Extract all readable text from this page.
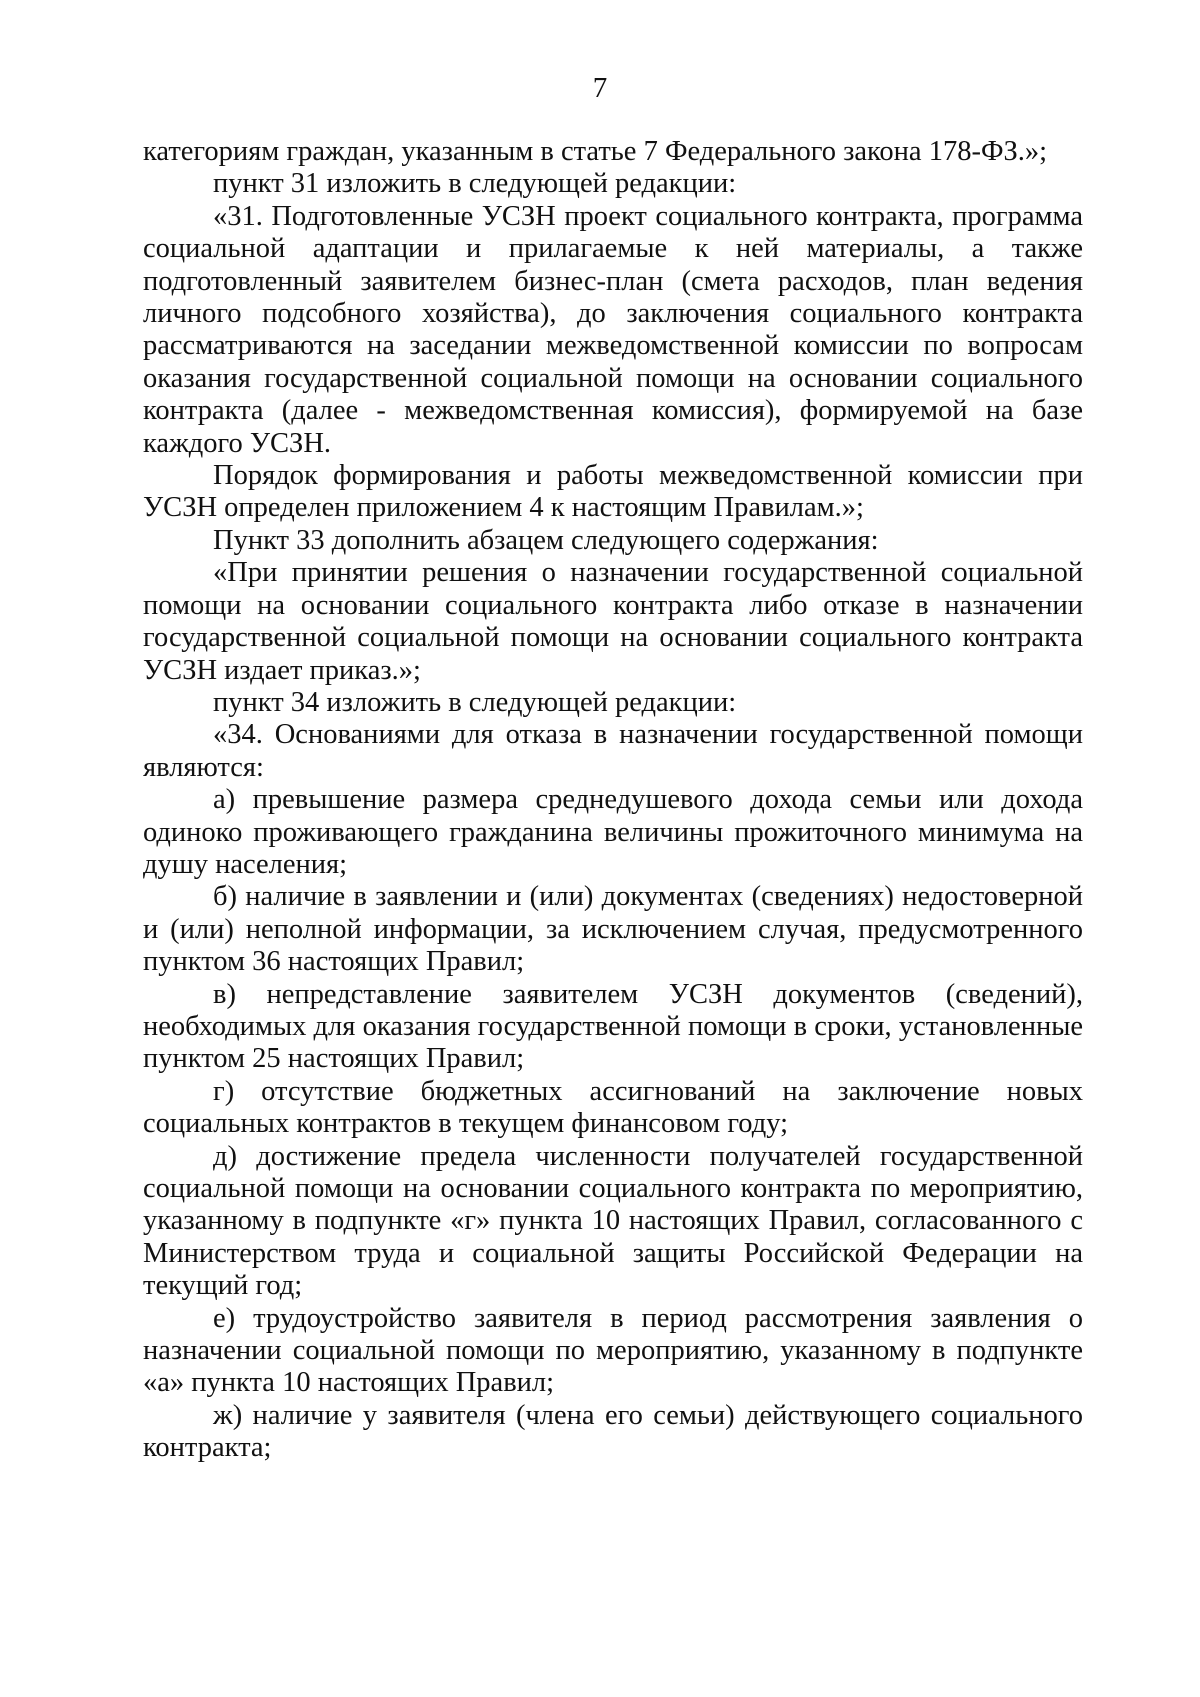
7

категориям граждан, указанным в статье 7 Федерального закона 178-ФЗ.»;

пункт 31 изложить в следующей редакции:

«31. Подготовленные УСЗН проект социального контракта, программа социальной адаптации и прилагаемые к ней материалы, а также подготовленный заявителем бизнес-план (смета расходов, план ведения личного подсобного хозяйства), до заключения социального контракта рассматриваются на заседании межведомственной комиссии по вопросам оказания государственной социальной помощи на основании социального контракта (далее - межведомственная комиссия), формируемой на базе каждого УСЗН.

Порядок формирования и работы межведомственной комиссии при УСЗН определен приложением 4 к настоящим Правилам.»;

Пункт 33 дополнить абзацем следующего содержания:

«При принятии решения о назначении государственной социальной помощи на основании социального контракта либо отказе в назначении государственной социальной помощи на основании социального контракта УСЗН издает приказ.»;

пункт 34 изложить в следующей редакции:

«34. Основаниями для отказа в назначении государственной помощи являются:

а) превышение размера среднедушевого дохода семьи или дохода одиноко проживающего гражданина величины прожиточного минимума на душу населения;

б) наличие в заявлении и (или) документах (сведениях) недостоверной и (или) неполной информации, за исключением случая, предусмотренного пунктом 36 настоящих Правил;

в) непредставление заявителем УСЗН документов (сведений), необходимых для оказания государственной помощи в сроки, установленные пунктом 25 настоящих Правил;

г) отсутствие бюджетных ассигнований на заключение новых социальных контрактов в текущем финансовом году;

д) достижение предела численности получателей государственной социальной помощи на основании социального контракта по мероприятию, указанному в подпункте «г» пункта 10 настоящих Правил, согласованного с Министерством труда и социальной защиты Российской Федерации на текущий год;

е) трудоустройство заявителя в период рассмотрения заявления о назначении социальной помощи по мероприятию, указанному в подпункте «а» пункта 10 настоящих Правил;

ж) наличие у заявителя (члена его семьи) действующего социального контракта;
